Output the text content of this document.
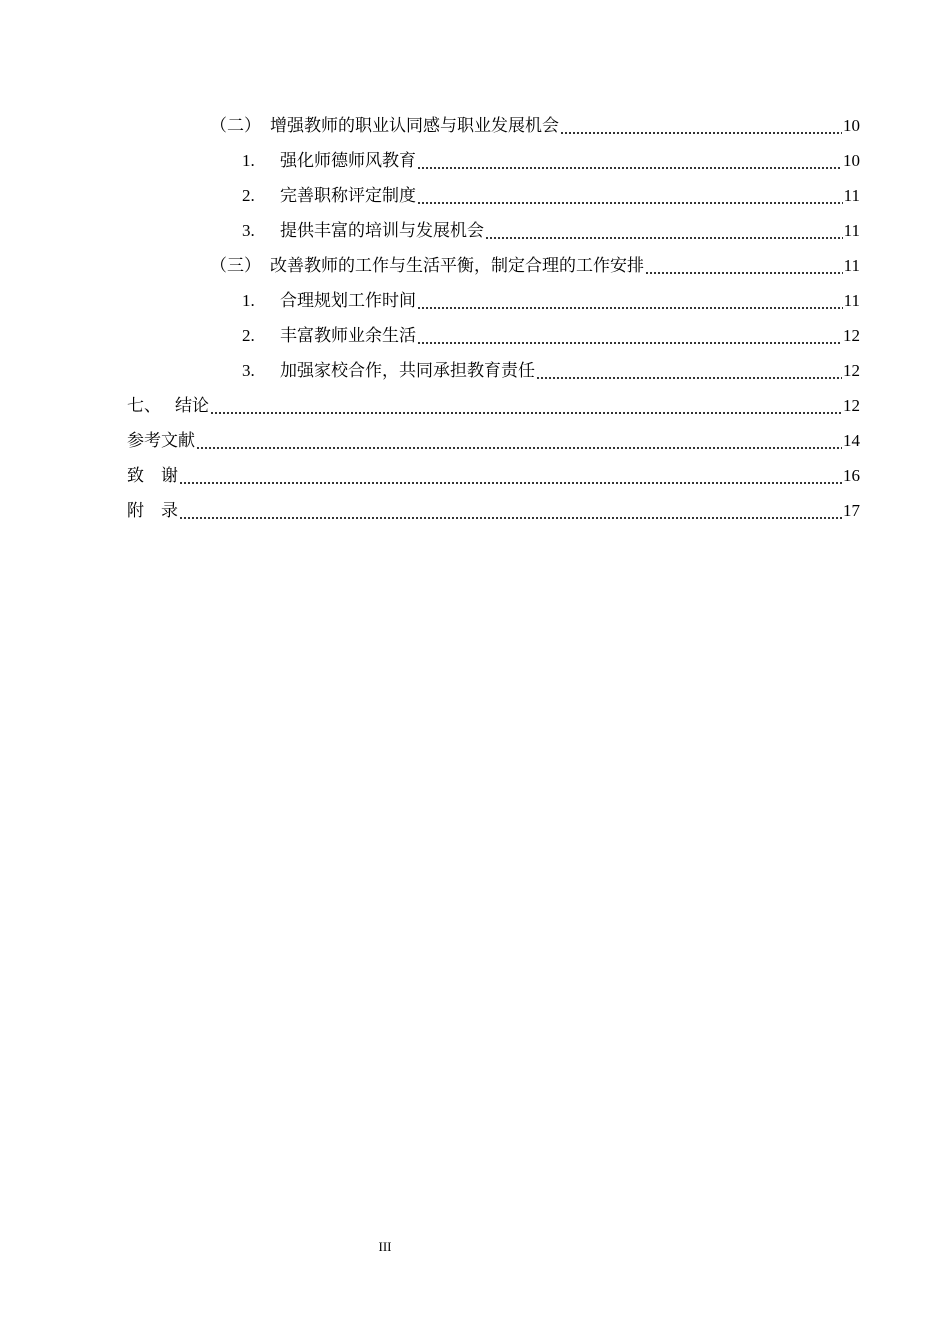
（二） 增强教师的职业认同感与职业发展机会	10
1.	强化师德师风教育	10
2.	完善职称评定制度	11
3.	提供丰富的培训与发展机会	11
（三） 改善教师的工作与生活平衡，制定合理的工作安排	11
1.	合理规划工作时间	11
2.	丰富教师业余生活	12
3.	加强家校合作，共同承担教育责任	12
七、 结论	12
参考文献	14
致　谢	16
附　录	17
III
